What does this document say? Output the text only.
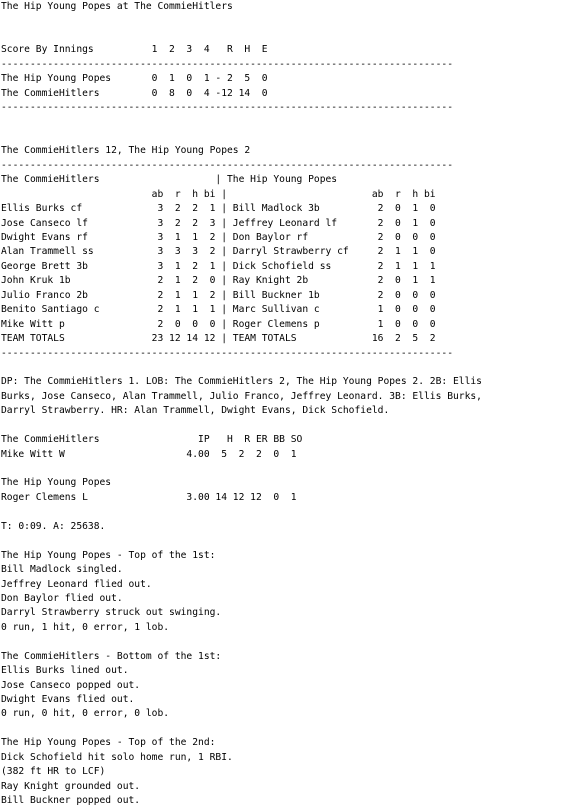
The Hip Young Popes at The CommieHitlers
Score By Innings          1  2  3  4   R  H  E
------------------------------------------------------------------------------
The Hip Young Popes       0  1  0  1 - 2  5  0
The CommieHitlers         0  8  0  4 -12 14  0
------------------------------------------------------------------------------
The CommieHitlers 12, The Hip Young Popes 2
------------------------------------------------------------------------------
The CommieHitlers                    | The Hip Young Popes
ab  r  h bi |                         ab  r  h bi
Ellis Burks cf             3  2  2  1 | Bill Madlock 3b          2  0  1  0
Jose Canseco lf            3  2  2  3 | Jeffrey Leonard lf       2  0  1  0
Dwight Evans rf            3  1  1  2 | Don Baylor rf            2  0  0  0
Alan Trammell ss           3  3  3  2 | Darryl Strawberry cf     2  1  1  0
George Brett 3b            3  1  2  1 | Dick Schofield ss        2  1  1  1
John Kruk 1b               2  1  2  0 | Ray Knight 2b            2  0  1  1
Julio Franco 2b            2  1  1  2 | Bill Buckner 1b          2  0  0  0
Benito Santiago c          2  1  1  1 | Marc Sullivan c          1  0  0  0
Mike Witt p                2  0  0  0 | Roger Clemens p          1  0  0  0
TEAM TOTALS               23 12 14 12 | TEAM TOTALS             16  2  5  2
------------------------------------------------------------------------------
DP: The CommieHitlers 1. LOB: The CommieHitlers 2, The Hip Young Popes 2. 2B: Ellis
Burks, Jose Canseco, Alan Trammell, Julio Franco, Jeffrey Leonard. 3B: Ellis Burks,
Darryl Strawberry. HR: Alan Trammell, Dwight Evans, Dick Schofield.
The CommieHitlers                 IP   H  R ER BB SO
Mike Witt W                     4.00  5  2  2  0  1
The Hip Young Popes
Roger Clemens L                 3.00 14 12 12  0  1
T: 0:09. A: 25638.
The Hip Young Popes - Top of the 1st:
Bill Madlock singled.
Jeffrey Leonard flied out.
Don Baylor flied out.
Darryl Strawberry struck out swinging.
0 run, 1 hit, 0 error, 1 lob.
The CommieHitlers - Bottom of the 1st:
Ellis Burks lined out.
Jose Canseco popped out.
Dwight Evans flied out.
0 run, 0 hit, 0 error, 0 lob.
The Hip Young Popes - Top of the 2nd:
Dick Schofield hit solo home run, 1 RBI.
(382 ft HR to LCF)
Ray Knight grounded out.
Bill Buckner popped out.
